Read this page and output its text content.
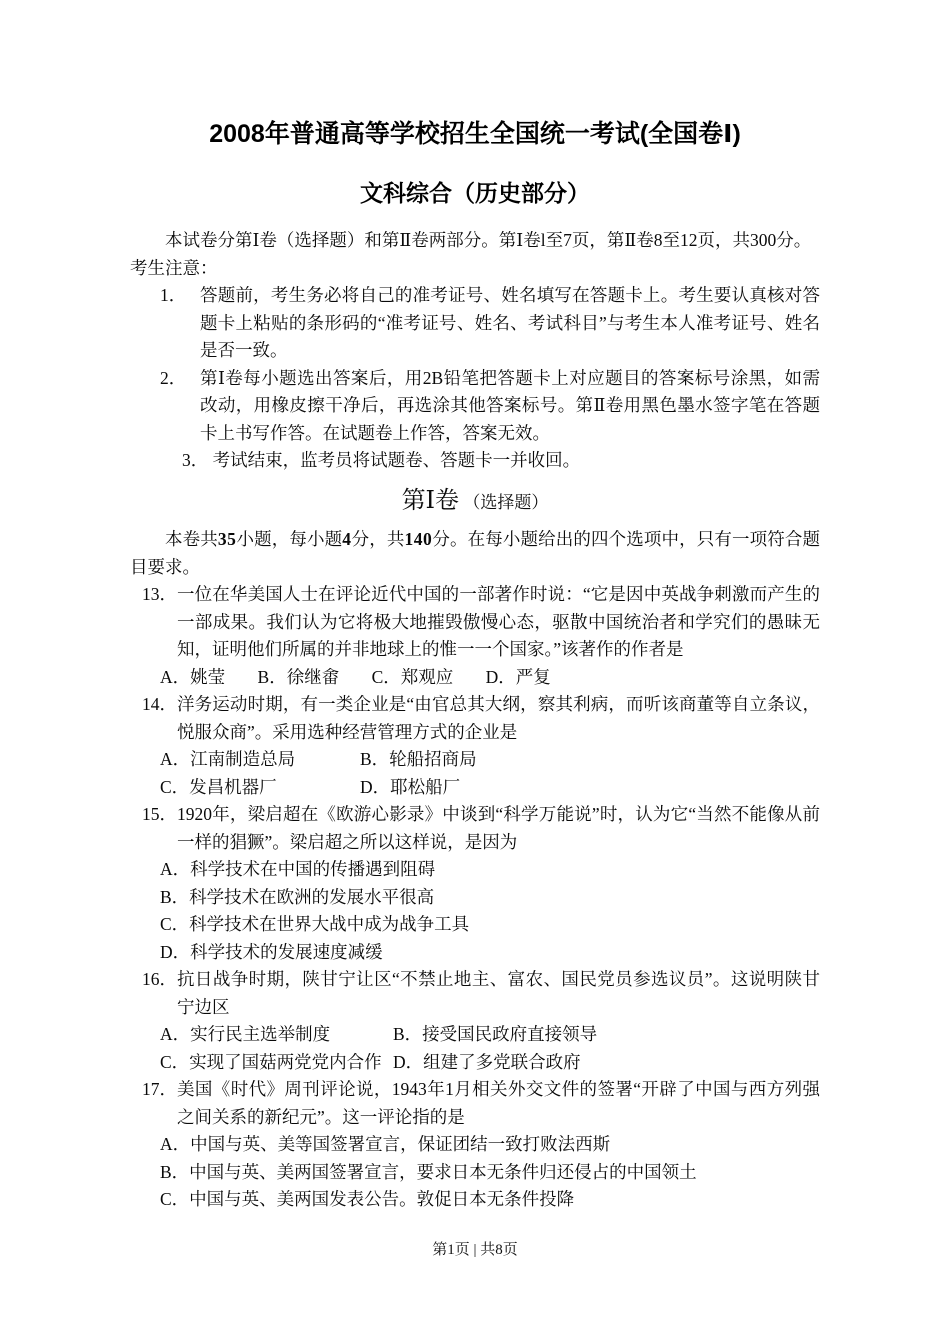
2008年普通高等学校招生全国统一考试(全国卷Ⅰ)
文科综合（历史部分）

本试卷分第Ⅰ卷（选择题）和第Ⅱ卷两部分。第Ⅰ卷l至7页，第Ⅱ卷8至12页，共300分。

考生注意：
1． 答题前，考生务必将自己的准考证号、姓名填写在答题卡上。考生要认真核对答题卡上粘贴的条形码的“准考证号、姓名、考试科目”与考生本人准考证号、姓名是否一致。
2． 第Ⅰ卷每小题选出答案后，用2B铅笔把答题卡上对应题目的答案标号涂黑，如需改动，用橡皮擦干净后，再选涂其他答案标号。第Ⅱ卷用黑色墨水签字笔在答题卡上书写作答。在试题卷上作答，答案无效。
3． 考试结束，监考员将试题卷、答题卡一并收回。
第Ⅰ卷 （选择题）

本卷共35小题，每小题4分，共140分。在每小题给出的四个选项中，只有一项符合题目要求。

13． 一位在华美国人士在评论近代中国的一部著作时说：“它是因中英战争刺激而产生的一部成果。我们认为它将极大地摧毁傲慢心态，驱散中国统治者和学究们的愚昧无知，证明他们所属的并非地球上的惟一一个国家。”该著作的作者是
A．姚莹 B．徐继畬 C．郑观应 D．严复
14． 洋务运动时期，有一类企业是“由官总其大纲，察其利病，而听该商董等自立条议，悦服众商”。采用选种经营管理方式的企业是
A．江南制造总局	B．轮船招商局
C．发昌机器厂	D．耶松船厂
15． 1920年，梁启超在《欧游心影录》中谈到“科学万能说”时，认为它“当然不能像从前一样的猖獗”。梁启超之所以这样说，是因为
A．科学技术在中国的传播遇到阻碍
B．科学技术在欧洲的发展水平很高
C．科学技术在世界大战中成为战争工具
D．科学技术的发展速度减缓
16． 抗日战争时期，陕甘宁让区“不禁止地主、富农、国民党员参选议员”。这说明陕甘宁边区
A．实行民主选举制度	B．接受国民政府直接领导
C．实现了国菇两党党内合作 D．组建了多党联合政府
17． 美国《时代》周刊评论说，1943年1月相关外交文件的签署“开辟了中国与西方列强之间关系的新纪元”。这一评论指的是
A．中国与英、美等国签署宣言，保证团结一致打败法西斯
B．中国与英、美两国签署宣言，要求日本无条件归还侵占的中国领土
C．中国与英、美两国发表公告。敦促日本无条件投降
第1页 | 共8页
